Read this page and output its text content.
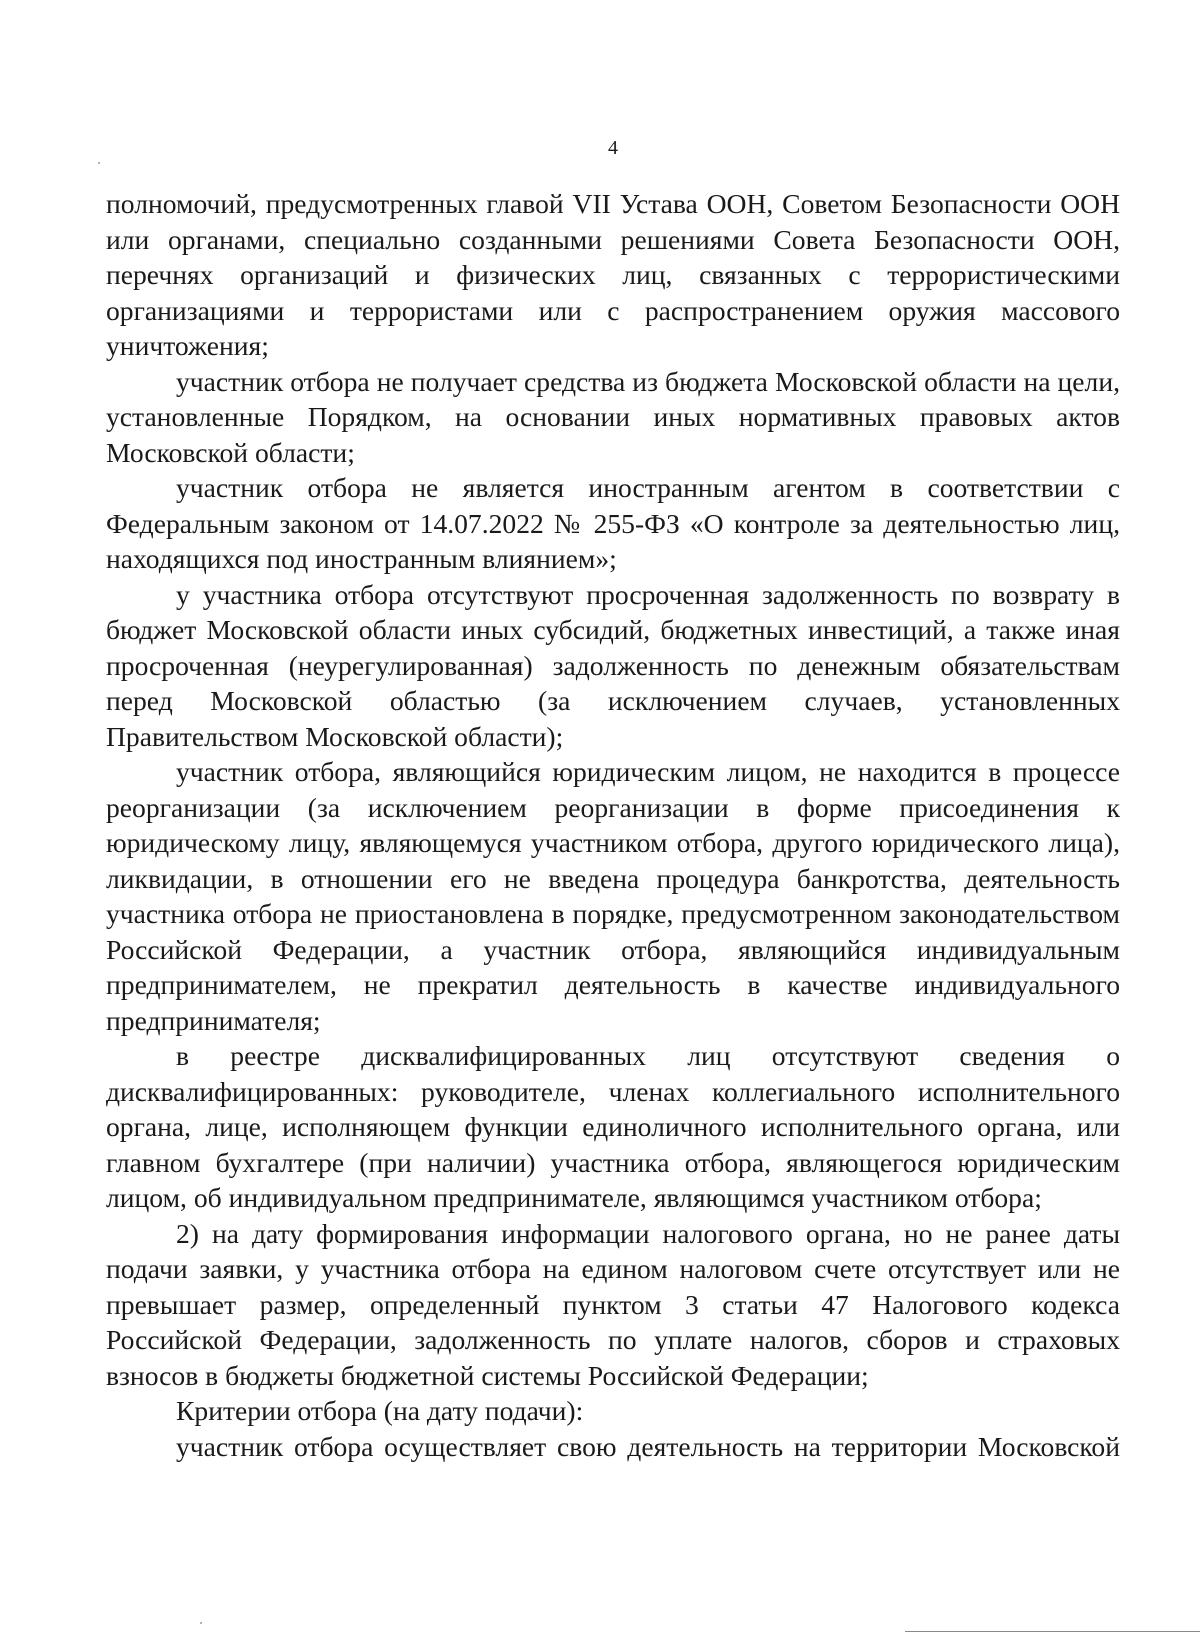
4

полномочий, предусмотренных главой VII Устава ООН, Советом Безопасности ООН или органами, специально созданными решениями Совета Безопасности ООН, перечнях организаций и физических лиц, связанных с террористическими организациями и террористами или с распространением оружия массового уничтожения;

участник отбора не получает средства из бюджета Московской области на цели, установленные Порядком, на основании иных нормативных правовых актов Московской области;

участник отбора не является иностранным агентом в соответствии с Федеральным законом от 14.07.2022 № 255-ФЗ «О контроле за деятельностью лиц, находящихся под иностранным влиянием»;

у участника отбора отсутствуют просроченная задолженность по возврату в бюджет Московской области иных субсидий, бюджетных инвестиций, а также иная просроченная (неурегулированная) задолженность по денежным обязательствам перед Московской областью (за исключением случаев, установленных Правительством Московской области);

участник отбора, являющийся юридическим лицом, не находится в процессе реорганизации (за исключением реорганизации в форме присоединения к юридическому лицу, являющемуся участником отбора, другого юридического лица), ликвидации, в отношении его не введена процедура банкротства, деятельность участника отбора не приостановлена в порядке, предусмотренном законодательством Российской Федерации, а участник отбора, являющийся индивидуальным предпринимателем, не прекратил деятельность в качестве индивидуального предпринимателя;

в реестре дисквалифицированных лиц отсутствуют сведения о дисквалифицированных: руководителе, членах коллегиального исполнительного органа, лице, исполняющем функции единоличного исполнительного органа, или главном бухгалтере (при наличии) участника отбора, являющегося юридическим лицом, об индивидуальном предпринимателе, являющимся участником отбора;

2) на дату формирования информации налогового органа, но не ранее даты подачи заявки, у участника отбора на едином налоговом счете отсутствует или не превышает размер, определенный пунктом 3 статьи 47 Налогового кодекса Российской Федерации, задолженность по уплате налогов, сборов и страховых взносов в бюджеты бюджетной системы Российской Федерации;

Критерии отбора (на дату подачи):

участник отбора осуществляет свою деятельность на территории Московской
